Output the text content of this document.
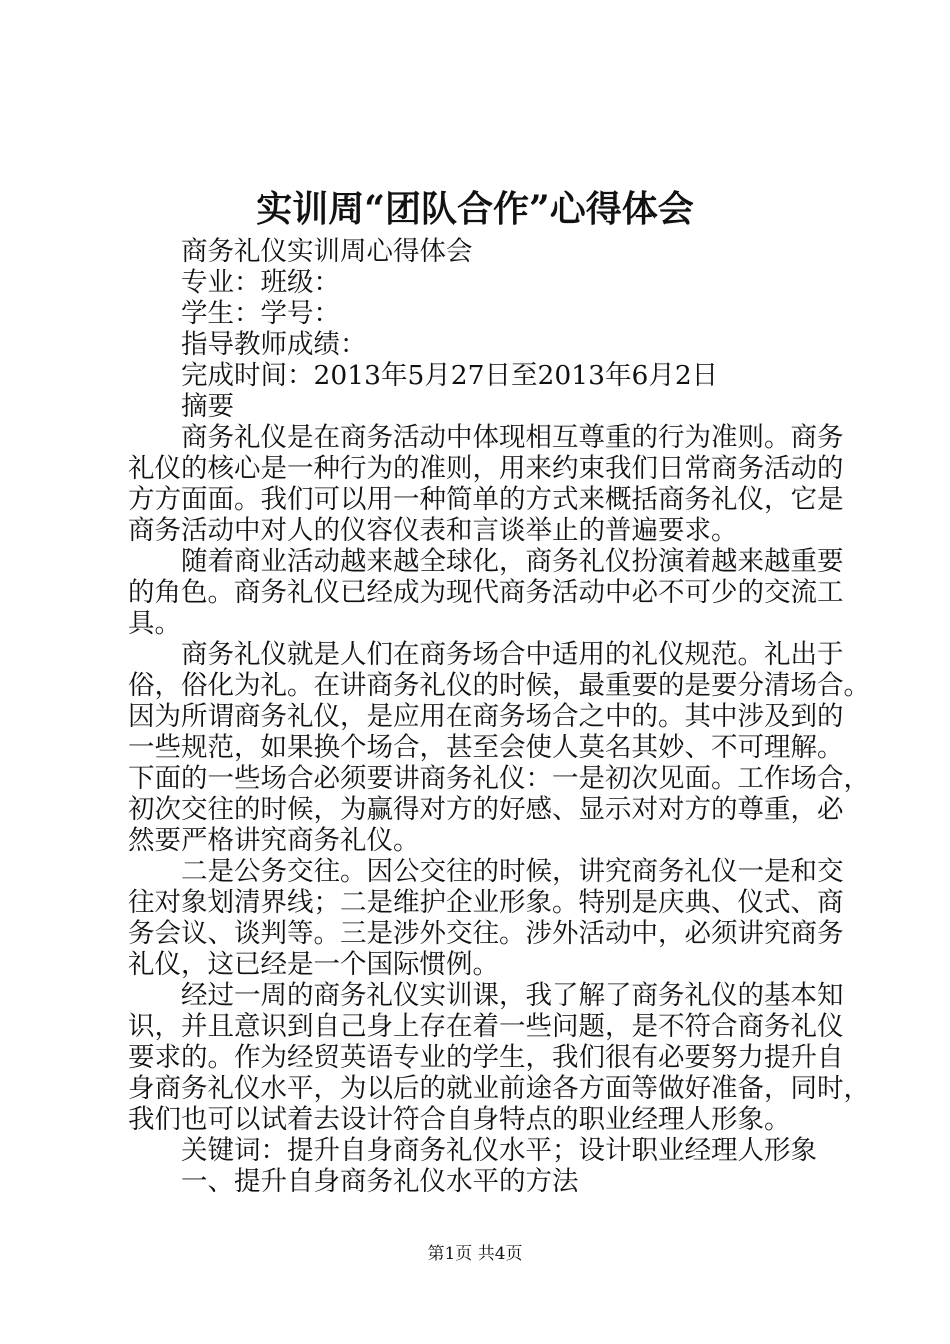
实训周“团队合作”心得体会
商务礼仪实训周心得体会
专业：班级：
学生：学号：
指导教师成绩：
完成时间：2013年5月27日至2013年6月2日
摘要
商务礼仪是在商务活动中体现相互尊重的行为准则。商务
礼仪的核心是一种行为的准则，用来约束我们日常商务活动的
方方面面。我们可以用一种简单的方式来概括商务礼仪，它是
商务活动中对人的仪容仪表和言谈举止的普遍要求。
随着商业活动越来越全球化，商务礼仪扮演着越来越重要
的角色。商务礼仪已经成为现代商务活动中必不可少的交流工
具。
商务礼仪就是人们在商务场合中适用的礼仪规范。礼出于
俗，俗化为礼。在讲商务礼仪的时候，最重要的是要分清场合。
因为所谓商务礼仪，是应用在商务场合之中的。其中涉及到的
一些规范，如果换个场合，甚至会使人莫名其妙、不可理解。
下面的一些场合必须要讲商务礼仪：一是初次见面。工作场合，
初次交往的时候，为赢得对方的好感、显示对对方的尊重，必
然要严格讲究商务礼仪。
二是公务交往。因公交往的时候，讲究商务礼仪一是和交
往对象划清界线；二是维护企业形象。特别是庆典、仪式、商
务会议、谈判等。三是涉外交往。涉外活动中，必须讲究商务
礼仪，这已经是一个国际惯例。
经过一周的商务礼仪实训课，我了解了商务礼仪的基本知
识，并且意识到自己身上存在着一些问题，是不符合商务礼仪
要求的。作为经贸英语专业的学生，我们很有必要努力提升自
身商务礼仪水平，为以后的就业前途各方面等做好准备，同时，
我们也可以试着去设计符合自身特点的职业经理人形象。
关键词：提升自身商务礼仪水平；设计职业经理人形象
一、提升自身商务礼仪水平的方法
第1页 共4页
